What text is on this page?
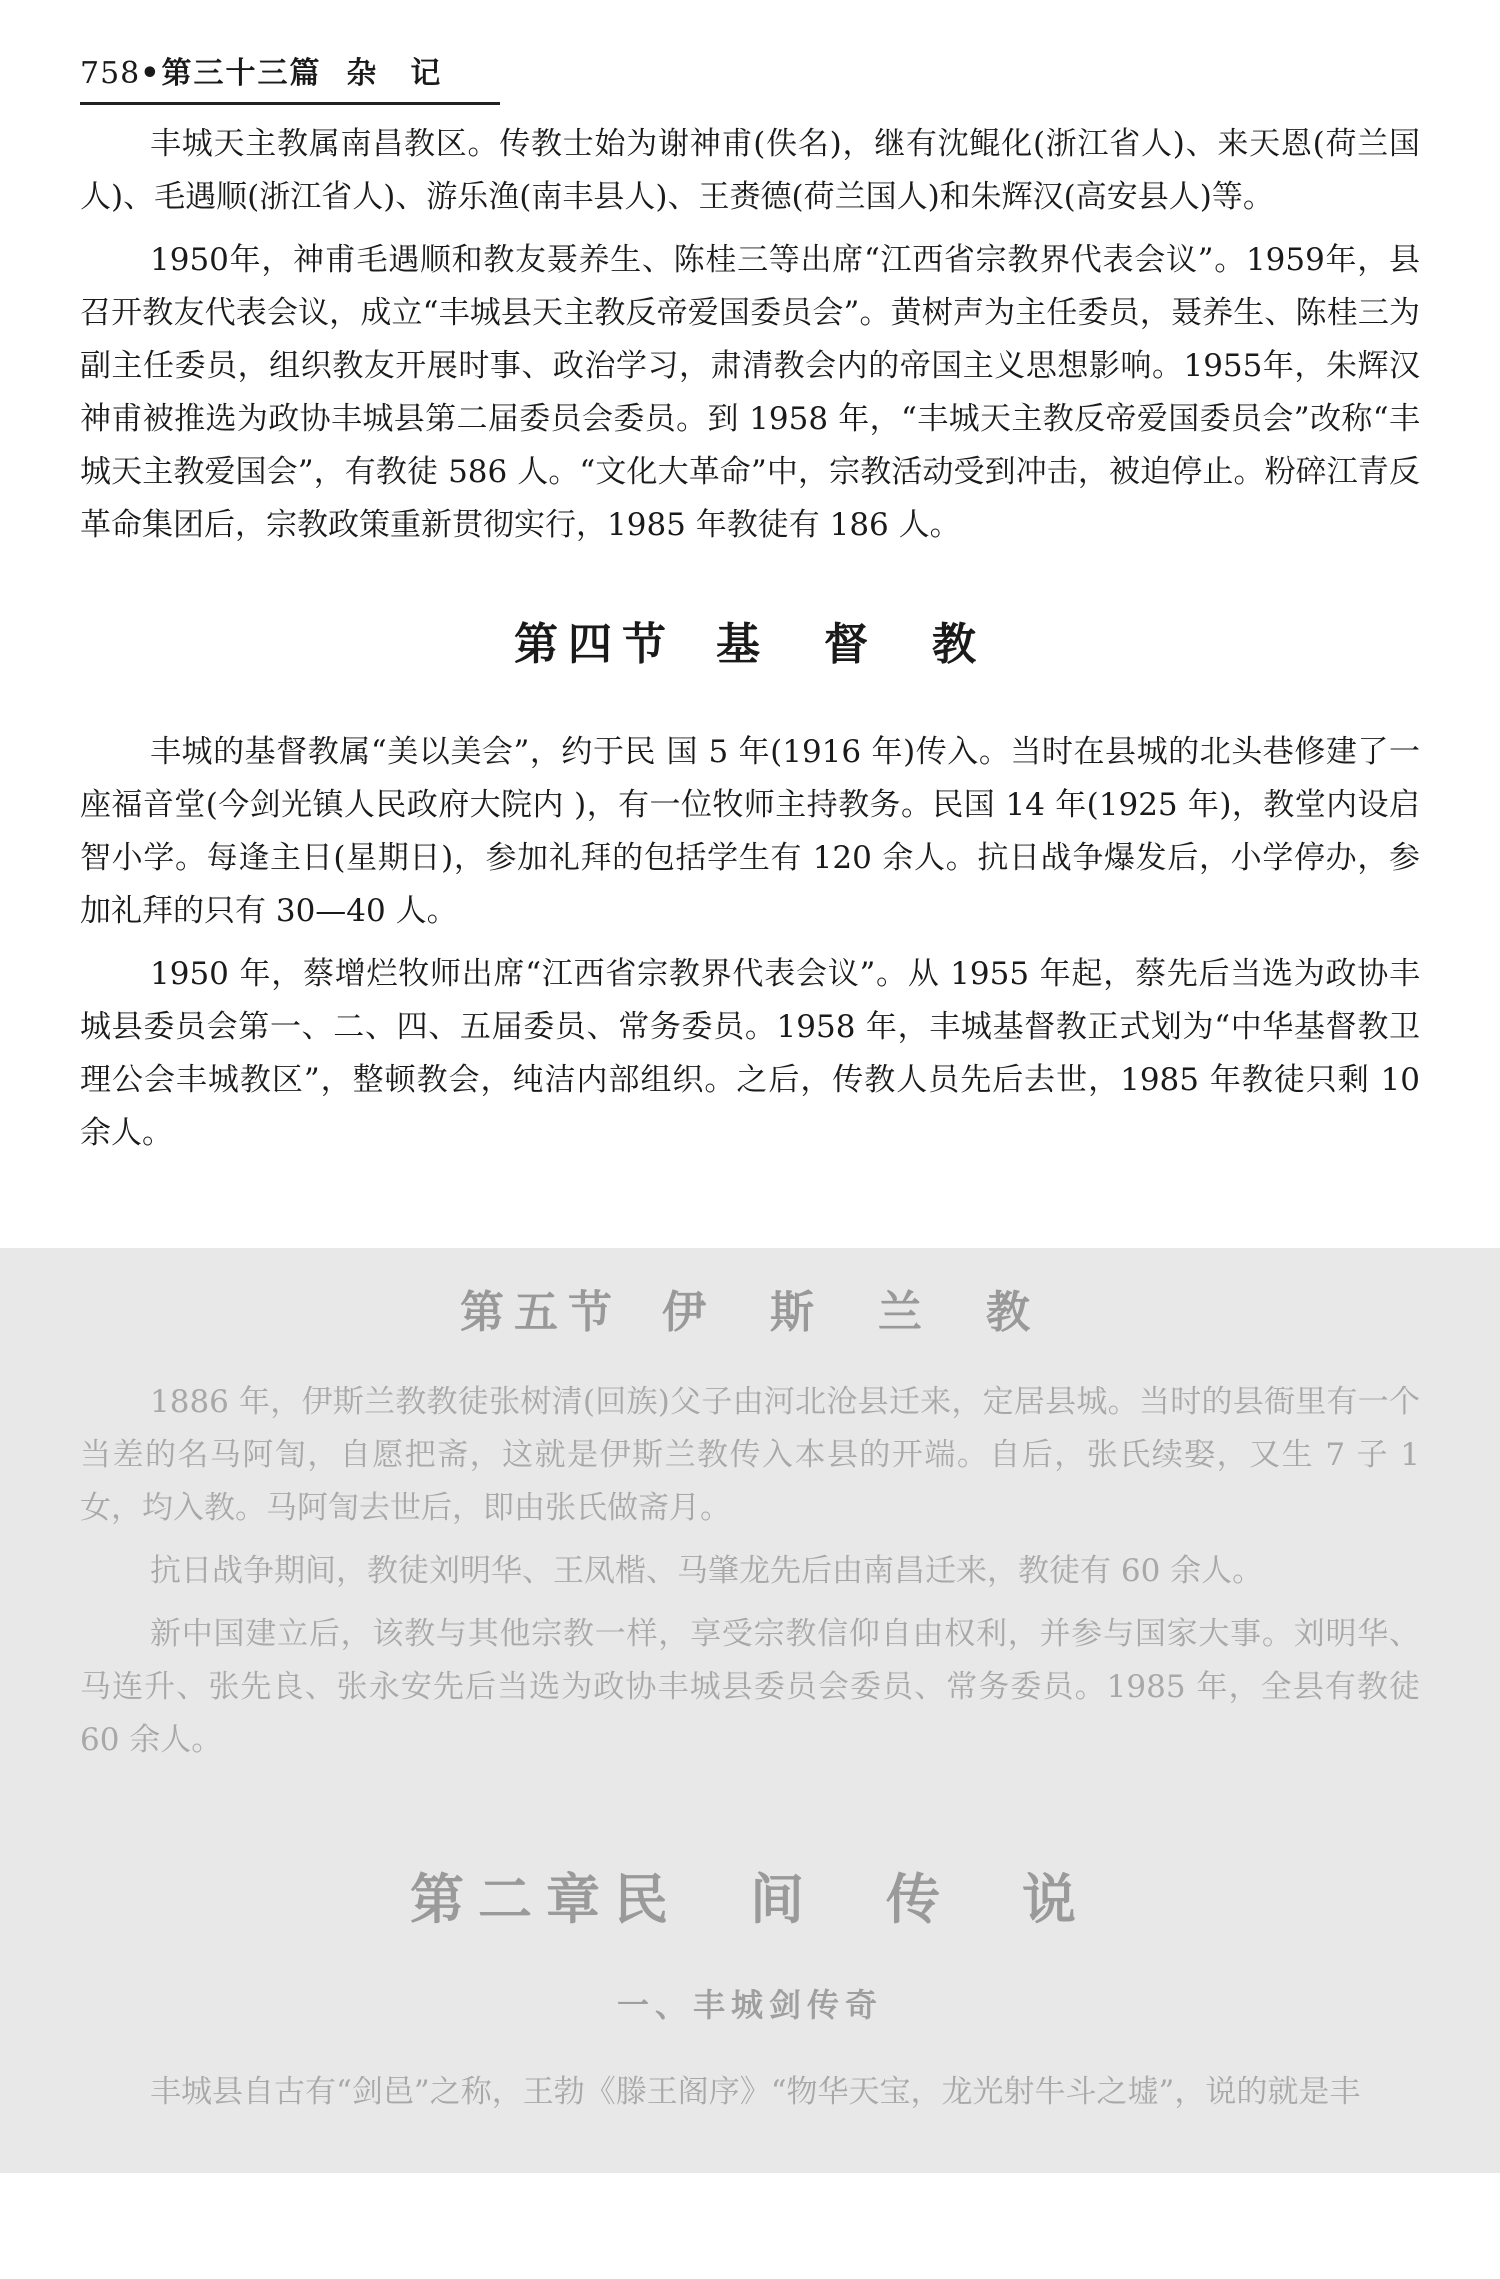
758•第三十三篇 杂　记

丰城天主教属南昌教区。传教士始为谢神甫(佚名)，继有沈鲲化(浙江省人)、来天恩(荷兰国人)、毛遇顺(浙江省人)、游乐渔(南丰县人)、王赉德(荷兰国人)和朱辉汉(高安县人)等。

1950年，神甫毛遇顺和教友聂养生、陈桂三等出席“江西省宗教界代表会议”。1959年，县召开教友代表会议，成立“丰城县天主教反帝爱国委员会”。黄树声为主任委员，聂养生、陈桂三为副主任委员，组织教友开展时事、政治学习，肃清教会内的帝国主义思想影响。1955年，朱辉汉神甫被推选为政协丰城县第二届委员会委员。到 1958 年，“丰城天主教反帝爱国委员会”改称“丰城天主教爱国会”，有教徒 586 人。“文化大革命”中，宗教活动受到冲击，被迫停止。粉碎江青反革命集团后，宗教政策重新贯彻实行，1985 年教徒有 186 人。

第四节 基　督　教

丰城的基督教属“美以美会”，约于民 国 5 年(1916 年)传入。当时在县城的北头巷修建了一座福音堂(今剑光镇人民政府大院内 )，有一位牧师主持教务。民国 14 年(1925 年)，教堂内设启智小学。每逢主日(星期日)，参加礼拜的包括学生有 120 余人。抗日战争爆发后，小学停办，参加礼拜的只有 30—40 人。

1950 年，蔡增烂牧师出席“江西省宗教界代表会议”。从 1955 年起，蔡先后当选为政协丰城县委员会第一、二、四、五届委员、常务委员。1958 年，丰城基督教正式划为“中华基督教卫理公会丰城教区”，整顿教会，纯洁内部组织。之后，传教人员先后去世，1985 年教徒只剩 10 余人。

第五节 伊　斯　兰　教

1886 年，伊斯兰教教徒张树清(回族)父子由河北沧县迁来，定居县城。当时的县衙里有一个当差的名马阿訇，自愿把斋，这就是伊斯兰教传入本县的开端。自后，张氏续娶，又生 7 子 1 女，均入教。马阿訇去世后，即由张氏做斋月。

抗日战争期间，教徒刘明华、王凤楷、马肇龙先后由南昌迁来，教徒有 60 余人。

新中国建立后，该教与其他宗教一样，享受宗教信仰自由权利，并参与国家大事。刘明华、马连升、张先良、张永安先后当选为政协丰城县委员会委员、常务委员。1985 年，全县有教徒 60 余人。

第二章民　间　传　说
一、丰城剑传奇

丰城县自古有“剑邑”之称，王勃《滕王阁序》“物华天宝，龙光射牛斗之墟”，说的就是丰
